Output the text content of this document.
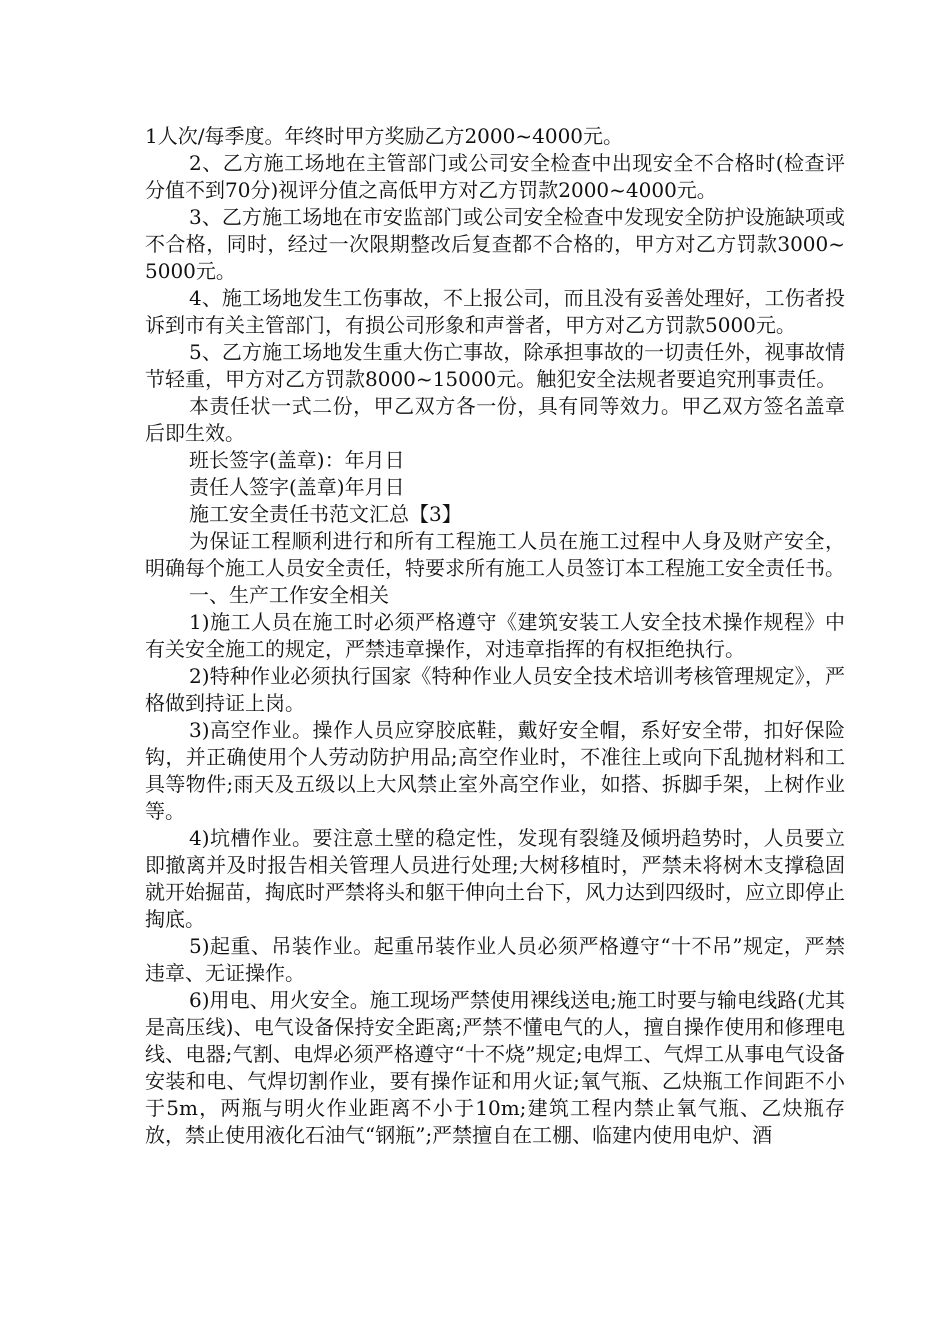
1人次/每季度。年终时甲方奖励乙方2000~4000元。

2、乙方施工场地在主管部门或公司安全检查中出现安全不合格时(检查评分值不到70分)视评分值之高低甲方对乙方罚款2000~4000元。

3、乙方施工场地在市安监部门或公司安全检查中发现安全防护设施缺项或不合格，同时，经过一次限期整改后复查都不合格的，甲方对乙方罚款3000~5000元。

4、施工场地发生工伤事故，不上报公司，而且没有妥善处理好，工伤者投诉到市有关主管部门，有损公司形象和声誉者，甲方对乙方罚款5000元。

5、乙方施工场地发生重大伤亡事故，除承担事故的一切责任外，视事故情节轻重，甲方对乙方罚款8000~15000元。触犯安全法规者要追究刑事责任。

本责任状一式二份，甲乙双方各一份，具有同等效力。甲乙双方签名盖章后即生效。

班长签字(盖章)：年月日

责任人签字(盖章)年月日

施工安全责任书范文汇总【3】

为保证工程顺利进行和所有工程施工人员在施工过程中人身及财产安全，明确每个施工人员安全责任，特要求所有施工人员签订本工程施工安全责任书。

一、生产工作安全相关

1)施工人员在施工时必须严格遵守《建筑安装工人安全技术操作规程》中有关安全施工的规定，严禁违章操作，对违章指挥的有权拒绝执行。

2)特种作业必须执行国家《特种作业人员安全技术培训考核管理规定》，严格做到持证上岗。

3)高空作业。操作人员应穿胶底鞋，戴好安全帽，系好安全带，扣好保险钩，并正确使用个人劳动防护用品;高空作业时，不准往上或向下乱抛材料和工具等物件;雨天及五级以上大风禁止室外高空作业，如搭、拆脚手架，上树作业等。

4)坑槽作业。要注意土壁的稳定性，发现有裂缝及倾坍趋势时，人员要立即撤离并及时报告相关管理人员进行处理;大树移植时，严禁未将树木支撑稳固就开始掘苗，掏底时严禁将头和躯干伸向土台下，风力达到四级时，应立即停止掏底。

5)起重、吊装作业。起重吊装作业人员必须严格遵守“十不吊”规定，严禁违章、无证操作。

6)用电、用火安全。施工现场严禁使用裸线送电;施工时要与输电线路(尤其是高压线)、电气设备保持安全距离;严禁不懂电气的人，擅自操作使用和修理电线、电器;气割、电焊必须严格遵守“十不烧”规定;电焊工、气焊工从事电气设备安装和电、气焊切割作业，要有操作证和用火证;氧气瓶、乙炔瓶工作间距不小于5m，两瓶与明火作业距离不小于10m;建筑工程内禁止氧气瓶、乙炔瓶存放，禁止使用液化石油气“钢瓶”;严禁擅自在工棚、临建内使用电炉、酒
